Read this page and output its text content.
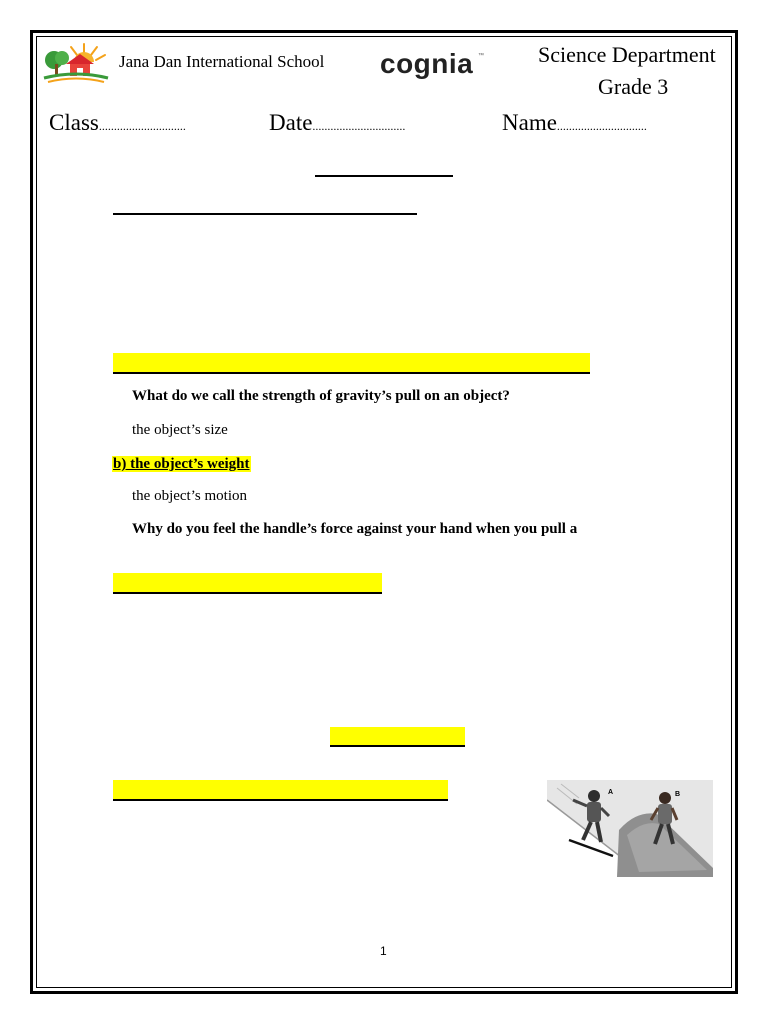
Jana Dan International School cognia ™ Science Department
Grade 3
Class.............................	Date...............................	Name..............................
What do we call the strength of gravity’s pull on an object?
the object’s size
b) the object’s weight
the object’s motion
Why do you feel the handle’s force against your hand when you pull a
A	B
1
